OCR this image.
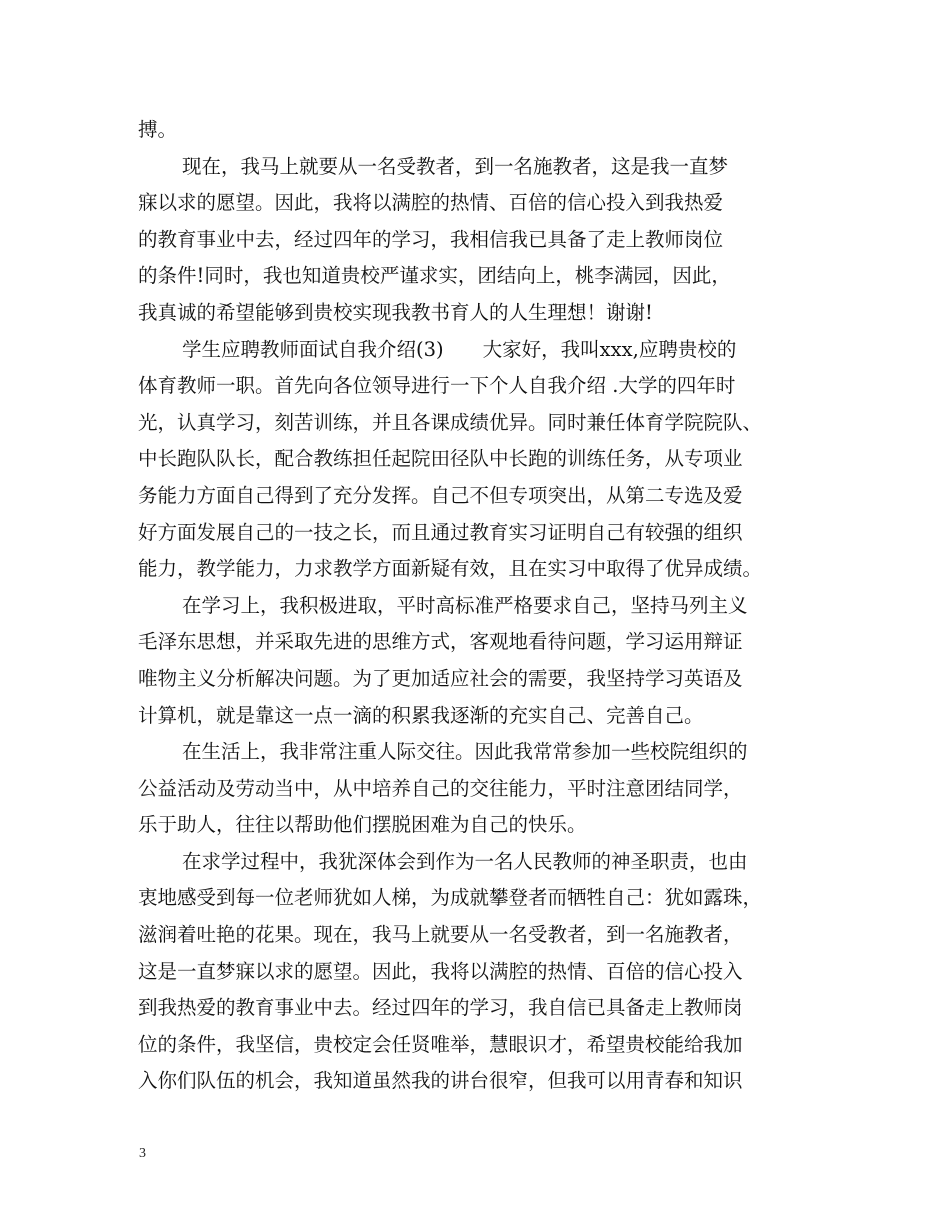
搏。
现在，我马上就要从一名受教者，到一名施教者，这是我一直梦
寐以求的愿望。因此，我将以满腔的热情、百倍的信心投入到我热爱
的教育事业中去，经过四年的学习，我相信我已具备了走上教师岗位
的条件!同时，我也知道贵校严谨求实，团结向上，桃李满园，因此，
我真诚的希望能够到贵校实现我教书育人的人生理想！谢谢!
学生应聘教师面试自我介绍(3)　　大家好，我叫xxx,应聘贵校的
体育教师一职。首先向各位领导进行一下个人自我介绍 .大学的四年时
光，认真学习，刻苦训练，并且各课成绩优异。同时兼任体育学院院队、
中长跑队队长，配合教练担任起院田径队中长跑的训练任务，从专项业
务能力方面自己得到了充分发挥。自己不但专项突出，从第二专选及爱
好方面发展自己的一技之长，而且通过教育实习证明自己有较强的组织
能力，教学能力，力求教学方面新疑有效，且在实习中取得了优异成绩。
在学习上，我积极进取，平时高标准严格要求自己，坚持马列主义
毛泽东思想，并采取先进的思维方式，客观地看待问题，学习运用辩证
唯物主义分析解决问题。为了更加适应社会的需要，我坚持学习英语及
计算机，就是靠这一点一滴的积累我逐渐的充实自己、完善自己。
在生活上，我非常注重人际交往。因此我常常参加一些校院组织的
公益活动及劳动当中，从中培养自己的交往能力，平时注意团结同学，
乐于助人，往往以帮助他们摆脱困难为自己的快乐。
在求学过程中，我犹深体会到作为一名人民教师的神圣职责，也由
衷地感受到每一位老师犹如人梯，为成就攀登者而牺牲自己：犹如露珠，
滋润着吐艳的花果。现在，我马上就要从一名受教者，到一名施教者，
这是一直梦寐以求的愿望。因此，我将以满腔的热情、百倍的信心投入
到我热爱的教育事业中去。经过四年的学习，我自信已具备走上教师岗
位的条件，我坚信，贵校定会任贤唯举，慧眼识才，希望贵校能给我加
入你们队伍的机会，我知道虽然我的讲台很窄，但我可以用青春和知识
3
